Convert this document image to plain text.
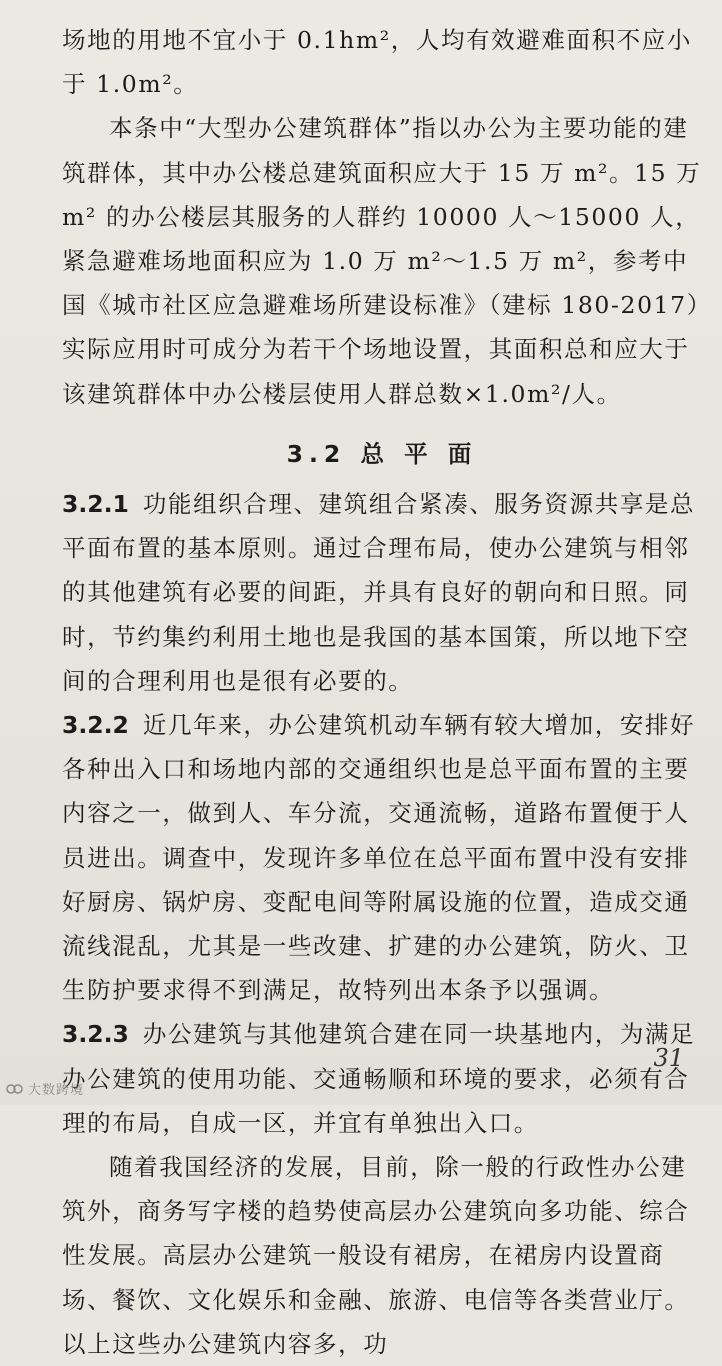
场地的用地不宜小于 0.1hm²，人均有效避难面积不应小于 1.0m²。

本条中“大型办公建筑群体”指以办公为主要功能的建筑群体，其中办公楼总建筑面积应大于 15 万 m²。15 万 m² 的办公楼层其服务的人群约 10000 人～15000 人，紧急避难场地面积应为 1.0 万 m²～1.5 万 m²，参考中国《城市社区应急避难场所建设标准》（建标 180-2017）实际应用时可成分为若干个场地设置，其面积总和应大于该建筑群体中办公楼层使用人群总数×1.0m²/人。

3.2 总 平 面

3.2.1 功能组织合理、建筑组合紧凑、服务资源共享是总平面布置的基本原则。通过合理布局，使办公建筑与相邻的其他建筑有必要的间距，并具有良好的朝向和日照。同时，节约集约利用土地也是我国的基本国策，所以地下空间的合理利用也是很有必要的。

3.2.2 近几年来，办公建筑机动车辆有较大增加，安排好各种出入口和场地内部的交通组织也是总平面布置的主要内容之一，做到人、车分流，交通流畅，道路布置便于人员进出。调查中，发现许多单位在总平面布置中没有安排好厨房、锅炉房、变配电间等附属设施的位置，造成交通流线混乱，尤其是一些改建、扩建的办公建筑，防火、卫生防护要求得不到满足，故特列出本条予以强调。

3.2.3 办公建筑与其他建筑合建在同一块基地内，为满足办公建筑的使用功能、交通畅顺和环境的要求，必须有合理的布局，自成一区，并宜有单独出入口。

随着我国经济的发展，目前，除一般的行政性办公建筑外，商务写字楼的趋势使高层办公建筑向多功能、综合性发展。高层办公建筑一般设有裙房，在裙房内设置商场、餐饮、文化娱乐和金融、旅游、电信等各类营业厅。以上这些办公建筑内容多，功

31
大数跨境
